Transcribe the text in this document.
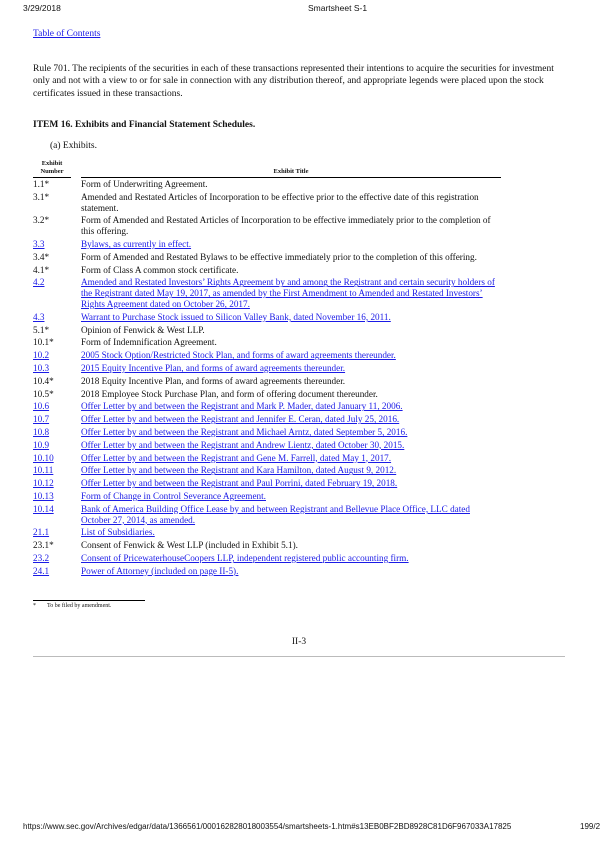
3/29/2018	Smartsheet S-1
Table of Contents
Rule 701. The recipients of the securities in each of these transactions represented their intentions to acquire the securities for investment only and not with a view to or for sale in connection with any distribution thereof, and appropriate legends were placed upon the stock certificates issued in these transactions.
ITEM 16. Exhibits and Financial Statement Schedules.
(a) Exhibits.
Exhibit Number		Exhibit Title
1.1*		Form of Underwriting Agreement.
3.1*		Amended and Restated Articles of Incorporation to be effective prior to the effective date of this registration statement.
3.2*		Form of Amended and Restated Articles of Incorporation to be effective immediately prior to the completion of this offering.
3.3		Bylaws, as currently in effect.
3.4*		Form of Amended and Restated Bylaws to be effective immediately prior to the completion of this offering.
4.1*		Form of Class A common stock certificate.
4.2		Amended and Restated Investors’ Rights Agreement by and among the Registrant and certain security holders of the Registrant dated May 19, 2017, as amended by the First Amendment to Amended and Restated Investors’ Rights Agreement dated on October 26, 2017.
4.3		Warrant to Purchase Stock issued to Silicon Valley Bank, dated November 16, 2011.
5.1*		Opinion of Fenwick & West LLP.
10.1*		Form of Indemnification Agreement.
10.2		2005 Stock Option/Restricted Stock Plan, and forms of award agreements thereunder.
10.3		2015 Equity Incentive Plan, and forms of award agreements thereunder.
10.4*		2018 Equity Incentive Plan, and forms of award agreements thereunder.
10.5*		2018 Employee Stock Purchase Plan, and form of offering document thereunder.
10.6		Offer Letter by and between the Registrant and Mark P. Mader, dated January 11, 2006.
10.7		Offer Letter by and between the Registrant and Jennifer E. Ceran, dated July 25, 2016.
10.8		Offer Letter by and between the Registrant and Michael Arntz, dated September 5, 2016.
10.9		Offer Letter by and between the Registrant and Andrew Lientz, dated October 30, 2015.
10.10		Offer Letter by and between the Registrant and Gene M. Farrell, dated May 1, 2017.
10.11		Offer Letter by and between the Registrant and Kara Hamilton, dated August 9, 2012.
10.12		Offer Letter by and between the Registrant and Paul Porrini, dated February 19, 2018.
10.13		Form of Change in Control Severance Agreement.
10.14		Bank of America Building Office Lease by and between Registrant and Bellevue Place Office, LLC dated October 27, 2014, as amended.
21.1		List of Subsidiaries.
23.1*		Consent of Fenwick & West LLP (included in Exhibit 5.1).
23.2		Consent of PricewaterhouseCoopers LLP, independent registered public accounting firm.
24.1		Power of Attorney (included on page II-5).
* To be filed by amendment.
II-3
https://www.sec.gov/Archives/edgar/data/1366561/000162828018003554/smartsheets-1.htm#s13EB0BF2BD8928C81D6F967033A17825	199/2
